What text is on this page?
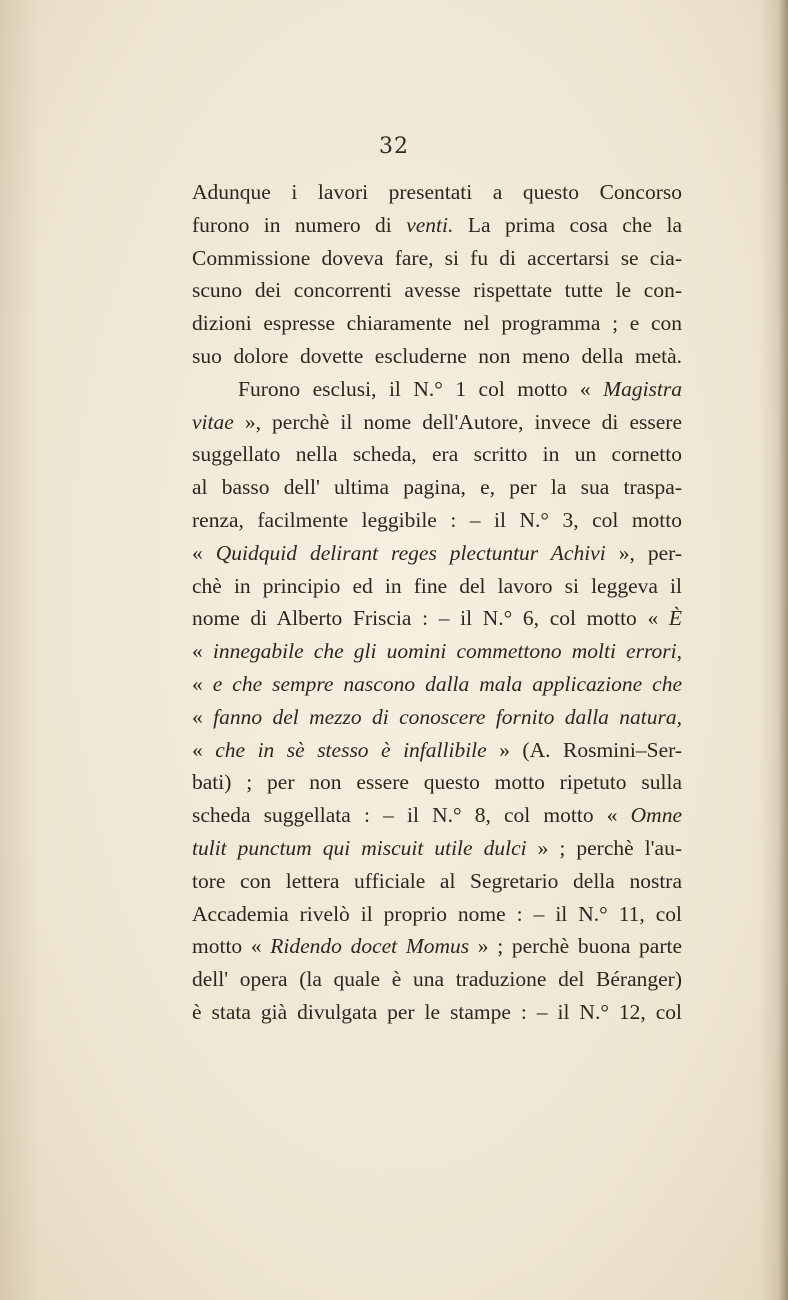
32
Adunque i lavori presentati a questo Concorso
furono in numero di venti. La prima cosa che la
Commissione doveva fare, si fu di accertarsi se cia-
scuno dei concorrenti avesse rispettate tutte le con-
dizioni espresse chiaramente nel programma ; e con
suo dolore dovette escluderne non meno della metà.
Furono esclusi, il N.° 1 col motto « Magistra
vitae », perchè il nome dell'Autore, invece di essere
suggellato nella scheda, era scritto in un cornetto
al basso dell' ultima pagina, e, per la sua traspa-
renza, facilmente leggibile : – il N.° 3, col motto
« Quidquid delirant reges plectuntur Achivi », per-
chè in principio ed in fine del lavoro si leggeva il
nome di Alberto Friscia : – il N.° 6, col motto « È
« innegabile che gli uomini commettono molti errori,
« e che sempre nascono dalla mala applicazione che
« fanno del mezzo di conoscere fornito dalla natura,
« che in sè stesso è infallibile » (A. Rosmini–Ser-
bati) ; per non essere questo motto ripetuto sulla
scheda suggellata : – il N.° 8, col motto « Omne
tulit punctum qui miscuit utile dulci » ; perchè l'au-
tore con lettera ufficiale al Segretario della nostra
Accademia rivelò il proprio nome : – il N.° 11, col
motto « Ridendo docet Momus » ; perchè buona parte
dell' opera (la quale è una traduzione del Béranger)
è stata già divulgata per le stampe : – il N.° 12, col
